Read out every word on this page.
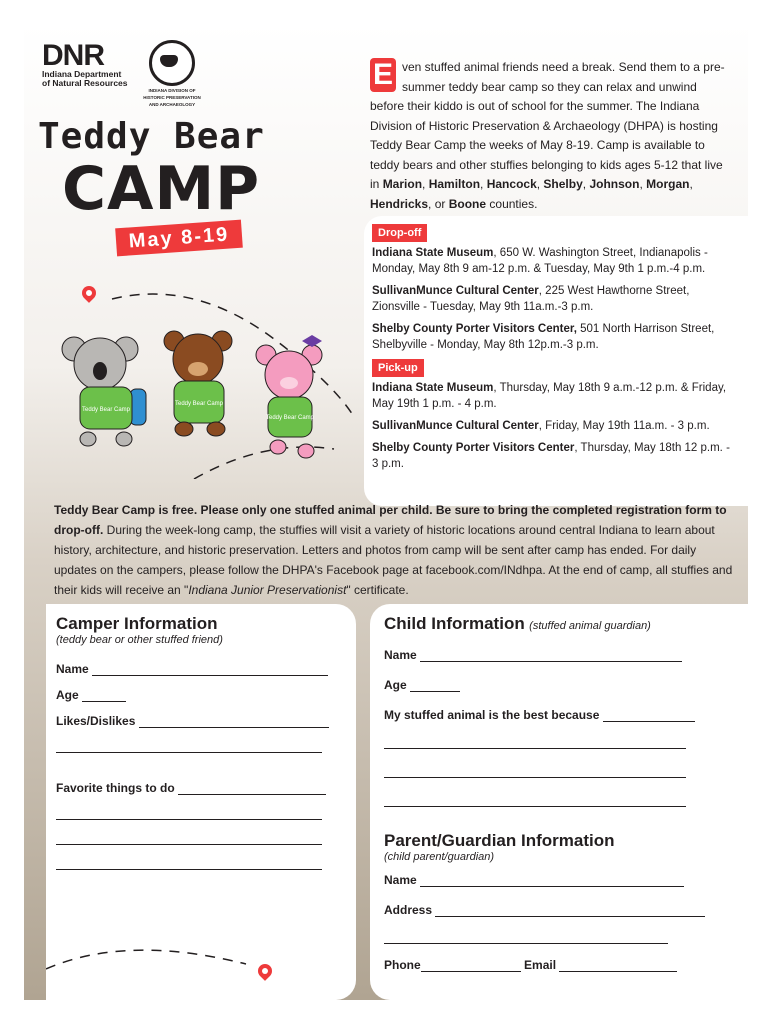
DNR
Indiana Department
of Natural Resources
INDIANA DIVISION OF
HISTORIC PRESERVATION
AND ARCHAEOLOGY
Teddy Bear
CAMP
May 8-19
E ven stuffed animal friends need a break. Send them to a pre-summer teddy bear camp so they can relax and unwind before their kiddo is out of school for the summer. The Indiana Division of Historic Preservation & Archaeology (DHPA) is hosting Teddy Bear Camp the weeks of May 8-19. Camp is available to teddy bears and other stuffies belonging to kids ages 5-12 that live in Marion, Hamilton, Hancock, Shelby, Johnson, Morgan, Hendricks, or Boone counties.
Teddy Bear Camp
Teddy Bear Camp
Teddy Bear Camp
Drop-off
Indiana State Museum, 650 W. Washington Street, Indianapolis - Monday, May 8th 9 am-12 p.m. & Tuesday, May 9th 1 p.m.-4 p.m.
SullivanMunce Cultural Center, 225 West Hawthorne Street, Zionsville - Tuesday, May 9th 11a.m.-3 p.m.
Shelby County Porter Visitors Center, 501 North Harrison Street, Shelbyville - Monday, May 8th 12p.m.-3 p.m.
Pick-up
Indiana State Museum, Thursday, May 18th 9 a.m.-12 p.m. & Friday, May 19th 1 p.m. - 4 p.m.
SullivanMunce Cultural Center, Friday, May 19th 11a.m. - 3 p.m.
Shelby County Porter Visitors Center, Thursday, May 18th 12 p.m. - 3 p.m.
Teddy Bear Camp is free. Please only one stuffed animal per child. Be sure to bring the completed registration form to drop-off. During the week-long camp, the stuffies will visit a variety of historic locations around central Indiana to learn about history, architecture, and historic preservation. Letters and photos from camp will be sent after camp has ended. For daily updates on the campers, please follow the DHPA's Facebook page at facebook.com/INdhpa. At the end of camp, all stuffies and their kids will receive an "Indiana Junior Preservationist" certificate.
Camper Information
(teddy bear or other stuffed friend)
Name
Age
Likes/Dislikes
Favorite things to do
Child Information (stuffed animal guardian)
Name
Age
My stuffed animal is the best because
Parent/Guardian Information
(child parent/guardian)
Name
Address
Phone	Email
